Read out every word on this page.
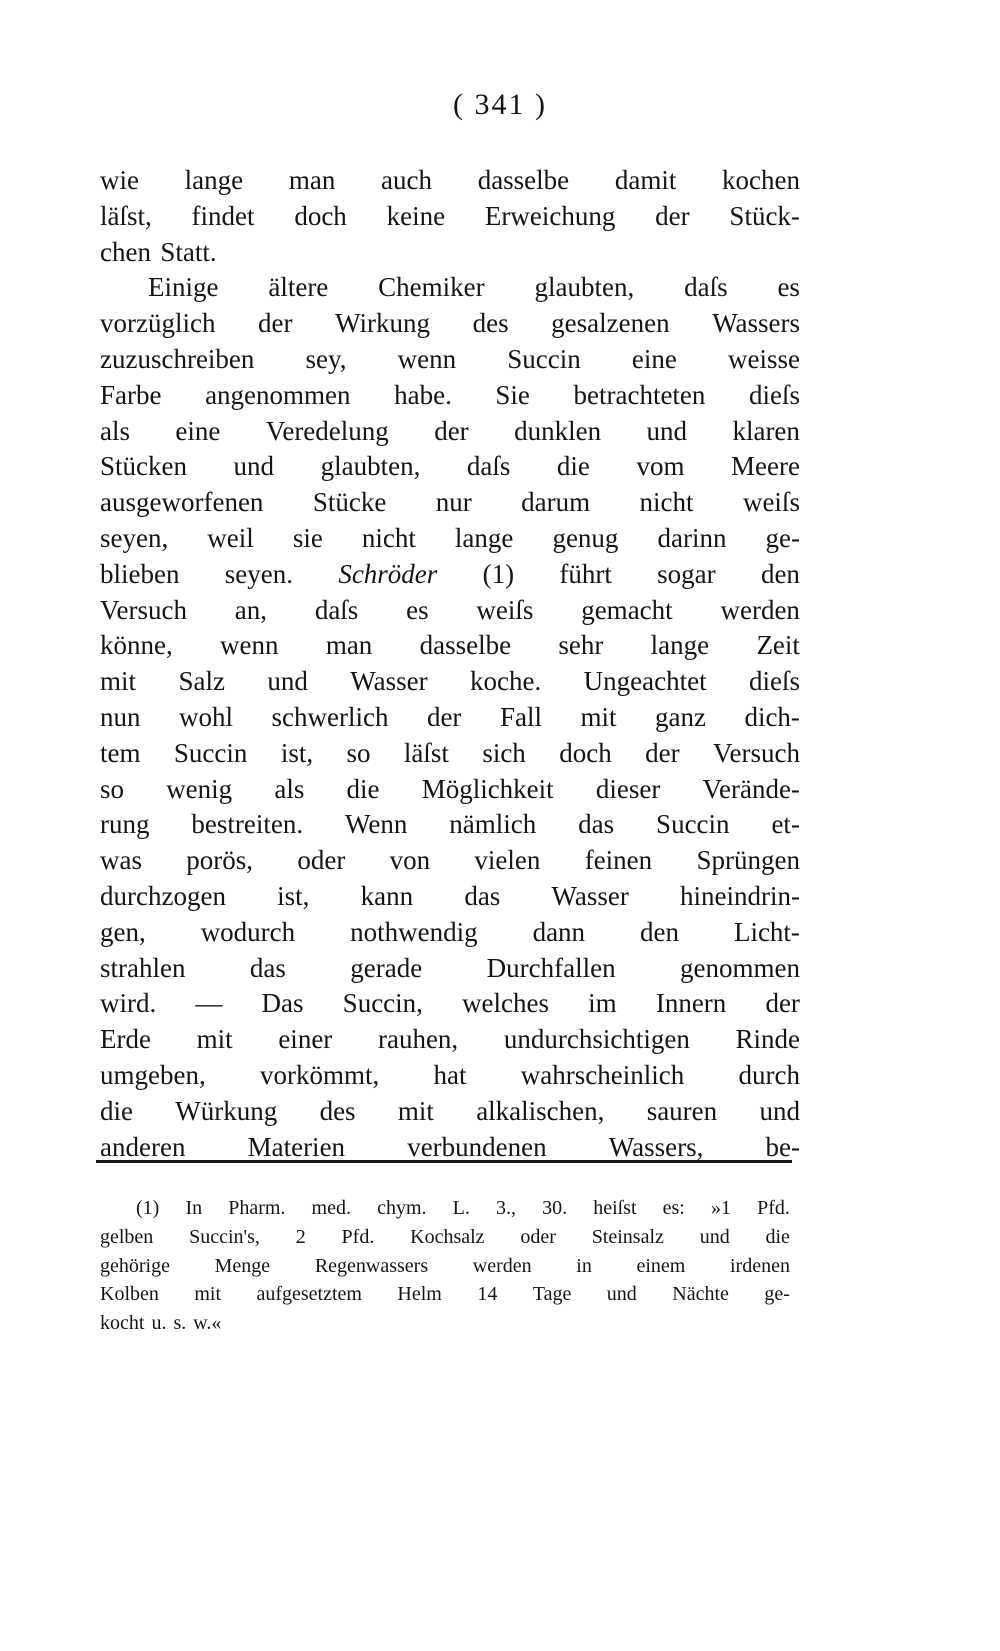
( 341 )
wie lange man auch dasselbe damit kochen
läſst, findet doch keine Erweichung der Stück-
chen Statt.
Einige ältere Chemiker glaubten, daſs es
vorzüglich der Wirkung des gesalzenen Wassers
zuzuschreiben sey, wenn Succin eine weisse
Farbe angenommen habe. Sie betrachteten dieſs
als eine Veredelung der dunklen und klaren
Stücken und glaubten, daſs die vom Meere
ausgeworfenen Stücke nur darum nicht weiſs
seyen, weil sie nicht lange genug darinn ge-
blieben seyen. Schröder (1) führt sogar den
Versuch an, daſs es weiſs gemacht werden
könne, wenn man dasselbe sehr lange Zeit
mit Salz und Wasser koche. Ungeachtet dieſs
nun wohl schwerlich der Fall mit ganz dich-
tem Succin ist, so läſst sich doch der Versuch
so wenig als die Möglichkeit dieser Verände-
rung bestreiten. Wenn nämlich das Succin et-
was porös, oder von vielen feinen Sprüngen
durchzogen ist, kann das Wasser hineindrin-
gen, wodurch nothwendig dann den Licht-
strahlen das gerade Durchfallen genommen
wird. — Das Succin, welches im Innern der
Erde mit einer rauhen, undurchsichtigen Rinde
umgeben, vorkömmt, hat wahrscheinlich durch
die Würkung des mit alkalischen, sauren und
anderen Materien verbundenen Wassers, be-
(1) In Pharm. med. chym. L. 3., 30. heiſst es: »1 Pfd.
gelben Succin's, 2 Pfd. Kochsalz oder Steinsalz und die
gehörige Menge Regenwassers werden in einem irdenen
Kolben mit aufgesetztem Helm 14 Tage und Nächte ge-
kocht u. s. w.«
